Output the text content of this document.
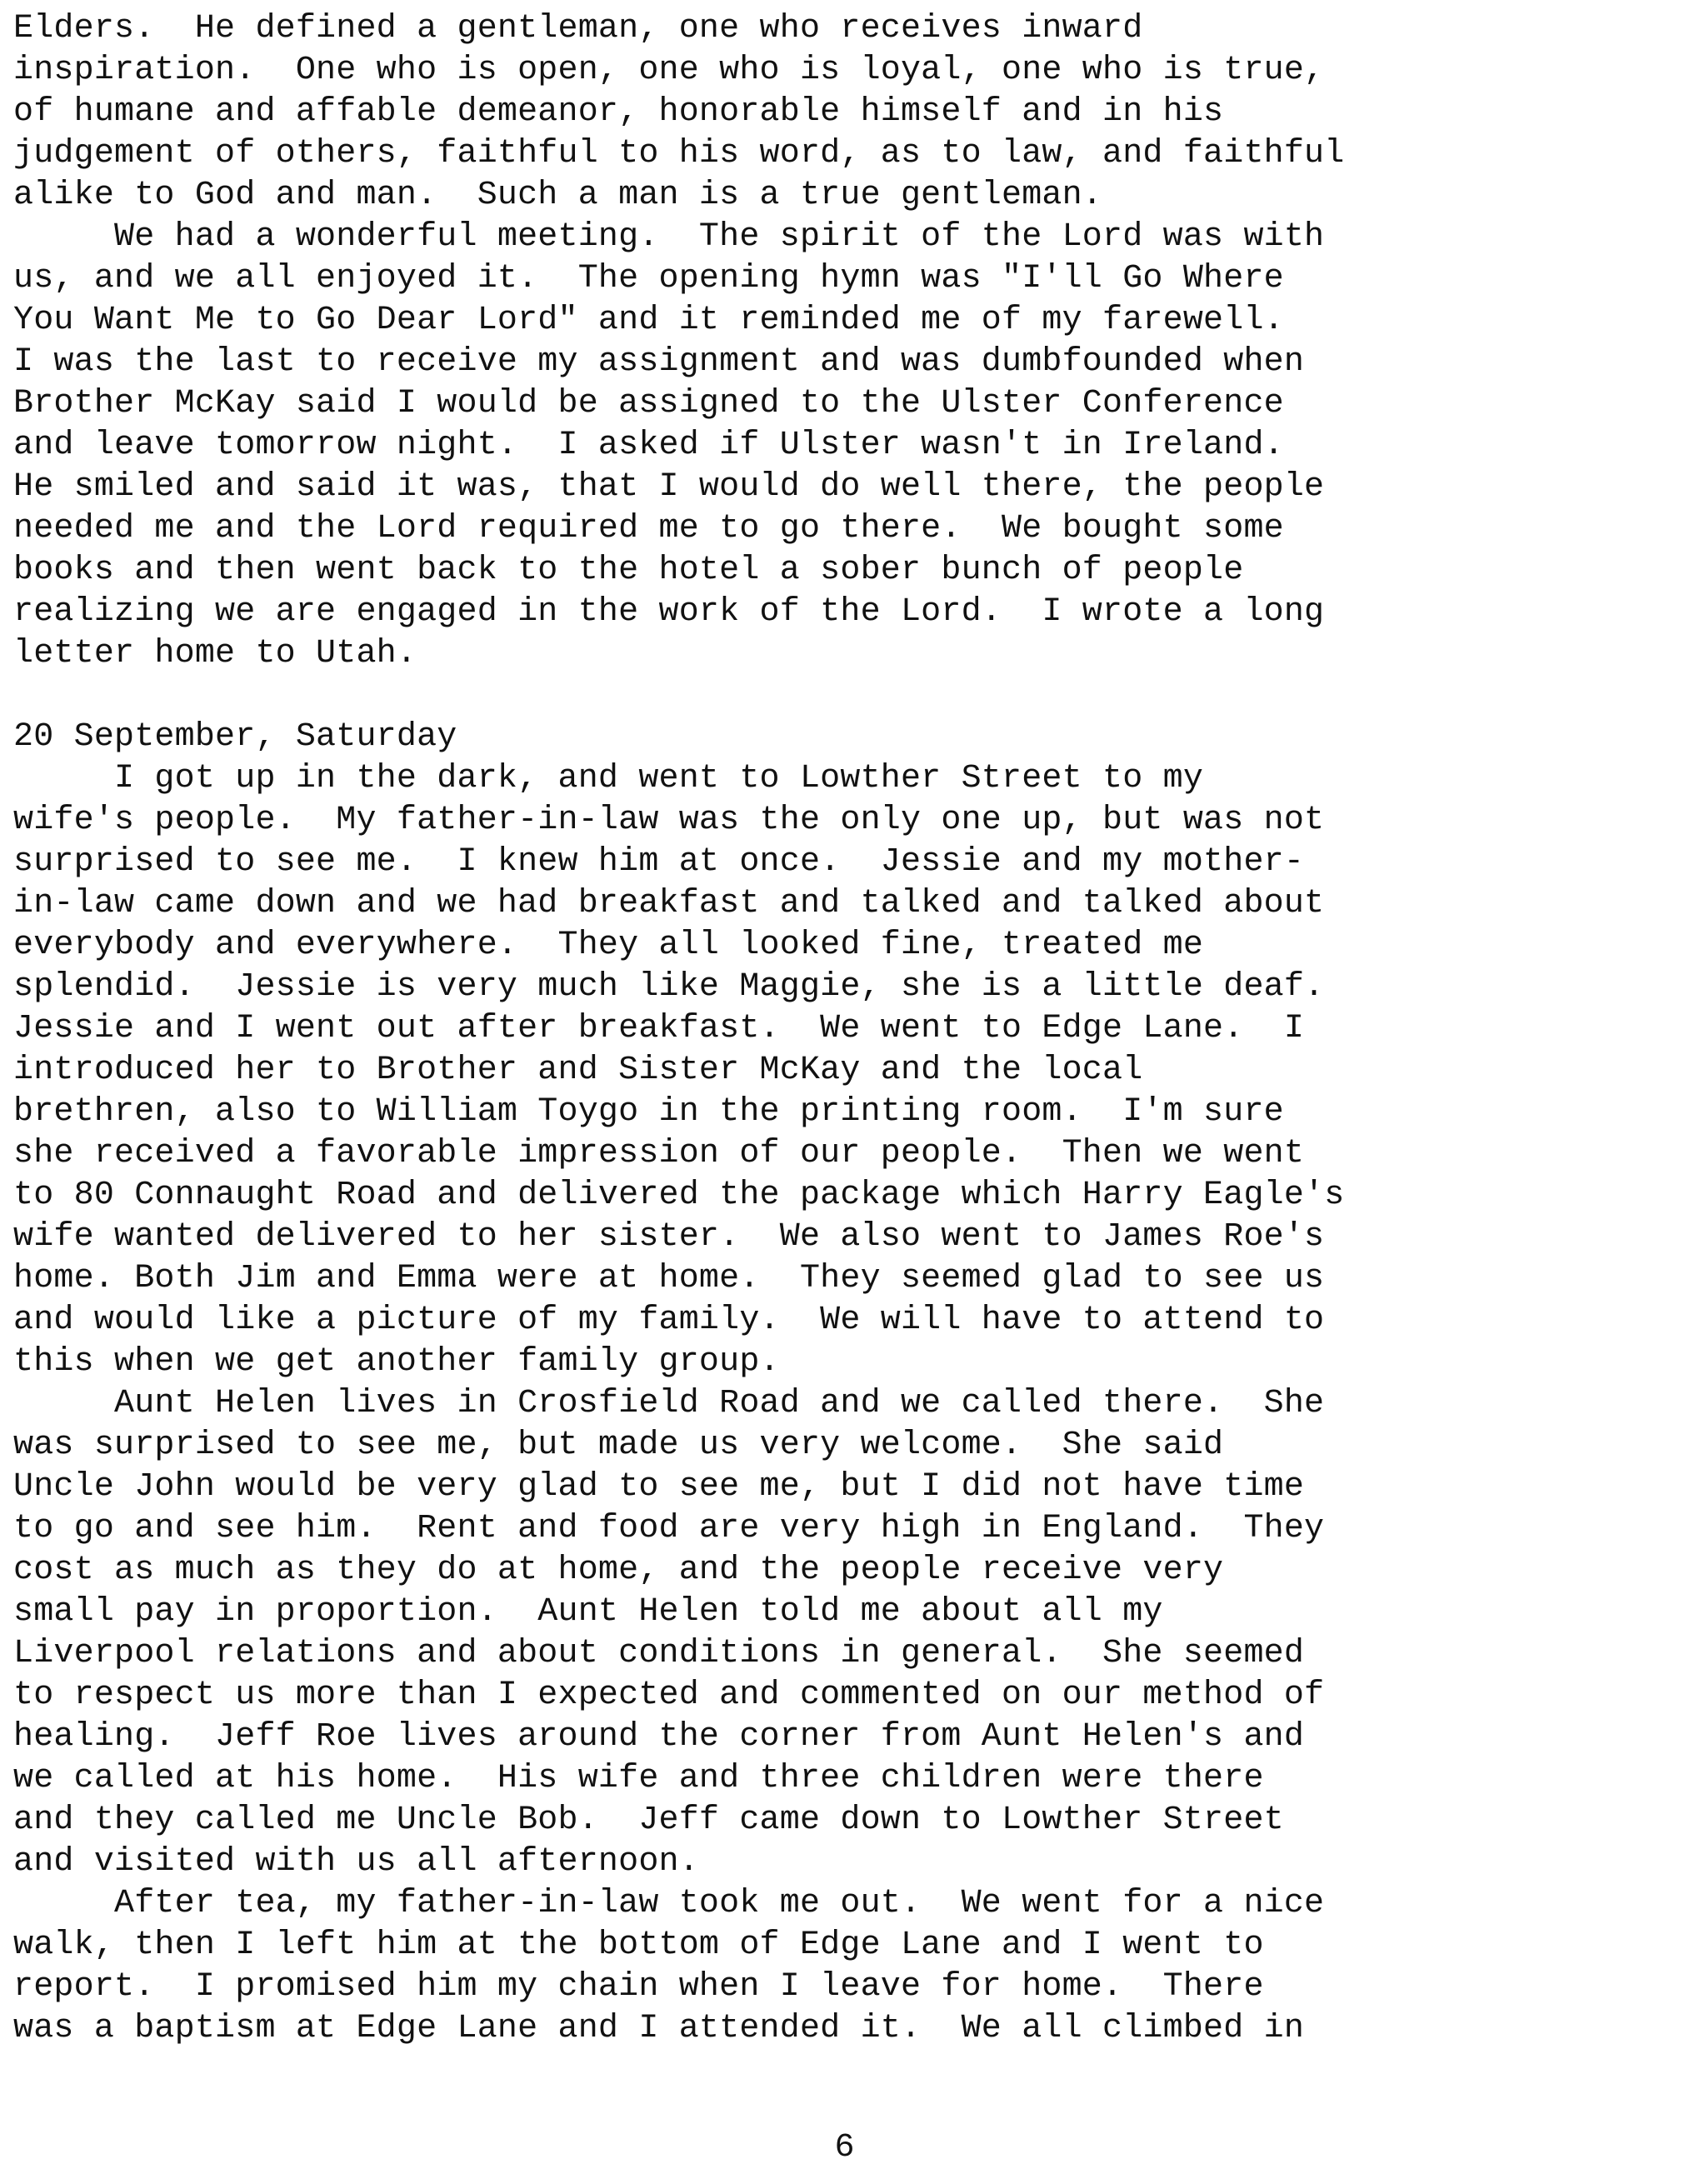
Elders.  He defined a gentleman, one who receives inward
inspiration.  One who is open, one who is loyal, one who is true,
of humane and affable demeanor, honorable himself and in his
judgement of others, faithful to his word, as to law, and faithful
alike to God and man.  Such a man is a true gentleman.
We had a wonderful meeting.  The spirit of the Lord was with
us, and we all enjoyed it.  The opening hymn was "I'll Go Where
You Want Me to Go Dear Lord" and it reminded me of my farewell.
I was the last to receive my assignment and was dumbfounded when
Brother McKay said I would be assigned to the Ulster Conference
and leave tomorrow night.  I asked if Ulster wasn't in Ireland.
He smiled and said it was, that I would do well there, the people
needed me and the Lord required me to go there.  We bought some
books and then went back to the hotel a sober bunch of people
realizing we are engaged in the work of the Lord.  I wrote a long
letter home to Utah.
20 September, Saturday
I got up in the dark, and went to Lowther Street to my
wife's people.  My father-in-law was the only one up, but was not
surprised to see me.  I knew him at once.  Jessie and my mother-
in-law came down and we had breakfast and talked and talked about
everybody and everywhere.  They all looked fine, treated me
splendid.  Jessie is very much like Maggie, she is a little deaf.
Jessie and I went out after breakfast.  We went to Edge Lane.  I
introduced her to Brother and Sister McKay and the local
brethren, also to William Toygo in the printing room.  I'm sure
she received a favorable impression of our people.  Then we went
to 80 Connaught Road and delivered the package which Harry Eagle's
wife wanted delivered to her sister.  We also went to James Roe's
home. Both Jim and Emma were at home.  They seemed glad to see us
and would like a picture of my family.  We will have to attend to
this when we get another family group.
Aunt Helen lives in Crosfield Road and we called there.  She
was surprised to see me, but made us very welcome.  She said
Uncle John would be very glad to see me, but I did not have time
to go and see him.  Rent and food are very high in England.  They
cost as much as they do at home, and the people receive very
small pay in proportion.  Aunt Helen told me about all my
Liverpool relations and about conditions in general.  She seemed
to respect us more than I expected and commented on our method of
healing.  Jeff Roe lives around the corner from Aunt Helen's and
we called at his home.  His wife and three children were there
and they called me Uncle Bob.  Jeff came down to Lowther Street
and visited with us all afternoon.
After tea, my father-in-law took me out.  We went for a nice
walk, then I left him at the bottom of Edge Lane and I went to
report.  I promised him my chain when I leave for home.  There
was a baptism at Edge Lane and I attended it.  We all climbed in
6
